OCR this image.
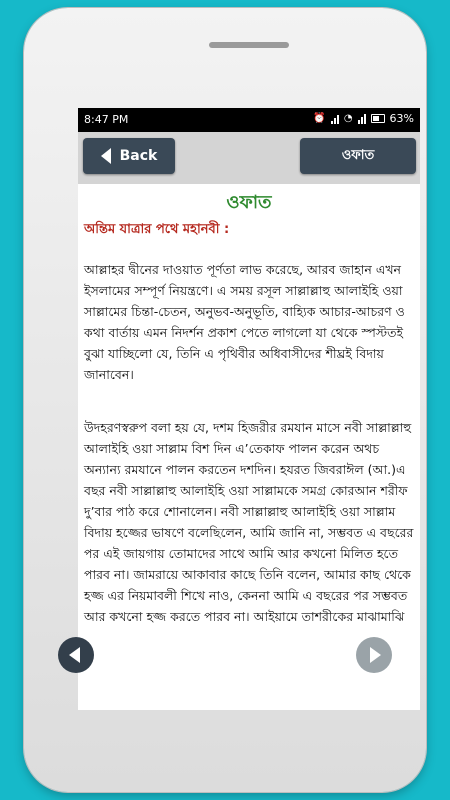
8:47 PM	⏰ ◔	63%
Back	ওফাত
ওফাত
অন্তিম যাত্রার পথে মহানবী :

আল্লাহর দ্বীনের দাওয়াত পূর্ণতা লাভ করেছে, আরব জাহান এখন ইসলামের সম্পূর্ণ নিয়ন্ত্রণে। এ সময় রসূল সাল্লাল্লাহু আলাইহি ওয়া সাল্লামের চিন্তা-চেতন, অনুভব-অনুভূতি, বাহ্যিক আচার-আচরণ ও কথা বার্তায় এমন নিদর্শন প্রকাশ পেতে লাগলো যা থেকে স্পস্টতই বুঝা যাচ্ছিলো যে, তিনি এ পৃথিবীর অধিবাসীদের শীঘ্রই বিদায় জানাবেন।

উদহরণস্বরুপ বলা হয় যে, দশম হিজরীর রমযান মাসে নবী সাল্লাল্লাহু আলাইহি ওয়া সাল্লাম বিশ দিন এ’তেকাফ পালন করেন অথচ অন্যান্য রমযানে পালন করতেন দশদিন। হযরত জিবরাঈল (আ.)এ বছর নবী সাল্লাল্লাহু আলাইহি ওয়া সাল্লামকে সমগ্র কোরআন শরীফ দু’বার পাঠ করে শোনালেন। নবী সাল্লাল্লাহু আলাইহি ওয়া সাল্লাম বিদায় হজ্জের ভাষণে বলেছিলেন, আমি জানি না, সম্ভবত এ বছরের পর এই জায়গায় তোমাদের সাথে আমি আর কখনো মিলিত হতে পারব না। জামরায়ে আকাবার কাছে তিনি বলেন, আমার কাছ থেকে হজ্জ এর নিয়মাবলী শিখে নাও, কেননা আমি এ বছরের পর সম্ভবত আর কখনো হজ্জ করতে পারব না। আইয়ামে তাশরীকের মাঝামাঝি
